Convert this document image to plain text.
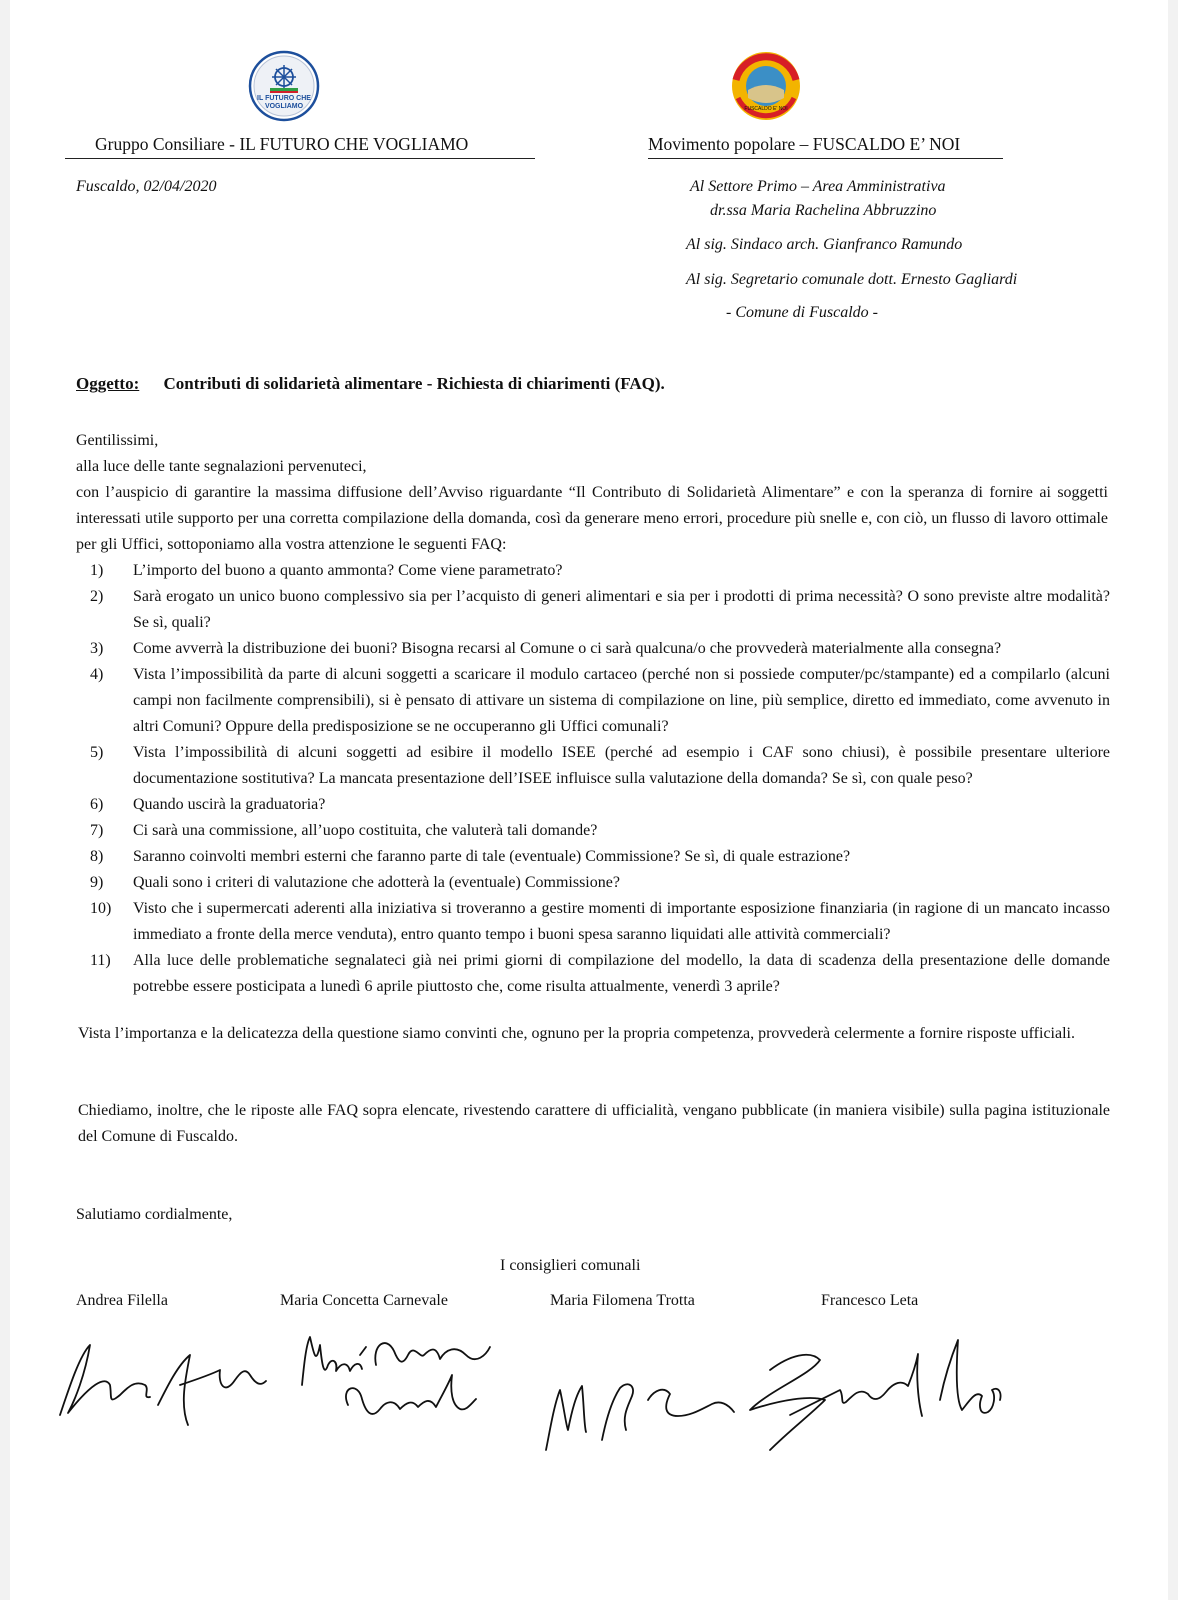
IL FUTURO CHE
VOGLIAMO	FUSCALDO E' NOI
Gruppo Consiliare - IL FUTURO CHE VOGLIAMO	Movimento popolare – FUSCALDO E’ NOI
Fuscaldo, 02/04/2020	Al Settore Primo – Area Amministrativa
dr.ssa Maria Rachelina Abbruzzino
Al sig. Sindaco arch. Gianfranco Ramundo
Al sig. Segretario comunale dott. Ernesto Gagliardi
- Comune di Fuscaldo -
Oggetto: Contributi di solidarietà alimentare - Richiesta di chiarimenti (FAQ).
Gentilissimi,
alla luce delle tante segnalazioni pervenuteci,
con l’auspicio di garantire la massima diffusione dell’Avviso riguardante “Il Contributo di Solidarietà Alimentare” e con la speranza di fornire ai soggetti interessati utile supporto per una corretta compilazione della domanda, così da generare meno errori, procedure più snelle e, con ciò, un flusso di lavoro ottimale per gli Uffici, sottoponiamo alla vostra attenzione le seguenti FAQ:
1)	L’importo del buono a quanto ammonta? Come viene parametrato?
2)	Sarà erogato un unico buono complessivo sia per l’acquisto di generi alimentari e sia per i prodotti di prima necessità? O sono previste altre modalità? Se sì, quali?
3)	Come avverrà la distribuzione dei buoni? Bisogna recarsi al Comune o ci sarà qualcuna/o che provvederà materialmente alla consegna?
4)	Vista l’impossibilità da parte di alcuni soggetti a scaricare il modulo cartaceo (perché non si possiede computer/pc/stampante) ed a compilarlo (alcuni campi non facilmente comprensibili), si è pensato di attivare un sistema di compilazione on line, più semplice, diretto ed immediato, come avvenuto in altri Comuni? Oppure della predisposizione se ne occuperanno gli Uffici comunali?
5)	Vista l’impossibilità di alcuni soggetti ad esibire il modello ISEE (perché ad esempio i CAF sono chiusi), è possibile presentare ulteriore documentazione sostitutiva? La mancata presentazione dell’ISEE influisce sulla valutazione della domanda? Se sì, con quale peso?
6)	Quando uscirà la graduatoria?
7)	Ci sarà una commissione, all’uopo costituita, che valuterà tali domande?
8)	Saranno coinvolti membri esterni che faranno parte di tale (eventuale) Commissione? Se sì, di quale estrazione?
9)	Quali sono i criteri di valutazione che adotterà la (eventuale) Commissione?
10)	Visto che i supermercati aderenti alla iniziativa si troveranno a gestire momenti di importante esposizione finanziaria (in ragione di un mancato incasso immediato a fronte della merce venduta), entro quanto tempo i buoni spesa saranno liquidati alle attività commerciali?
11)	Alla luce delle problematiche segnalateci già nei primi giorni di compilazione del modello, la data di scadenza della presentazione delle domande potrebbe essere posticipata a lunedì 6 aprile piuttosto che, come risulta attualmente, venerdì 3 aprile?
Vista l’importanza e la delicatezza della questione siamo convinti che, ognuno per la propria competenza, provvederà celermente a fornire risposte ufficiali.
Chiediamo, inoltre, che le riposte alle FAQ sopra elencate, rivestendo carattere di ufficialità, vengano pubblicate (in maniera visibile) sulla pagina istituzionale del Comune di Fuscaldo.
Salutiamo cordialmente,
I consiglieri comunali
Andrea Filella	Maria Concetta Carnevale	Maria Filomena Trotta	Francesco Leta
